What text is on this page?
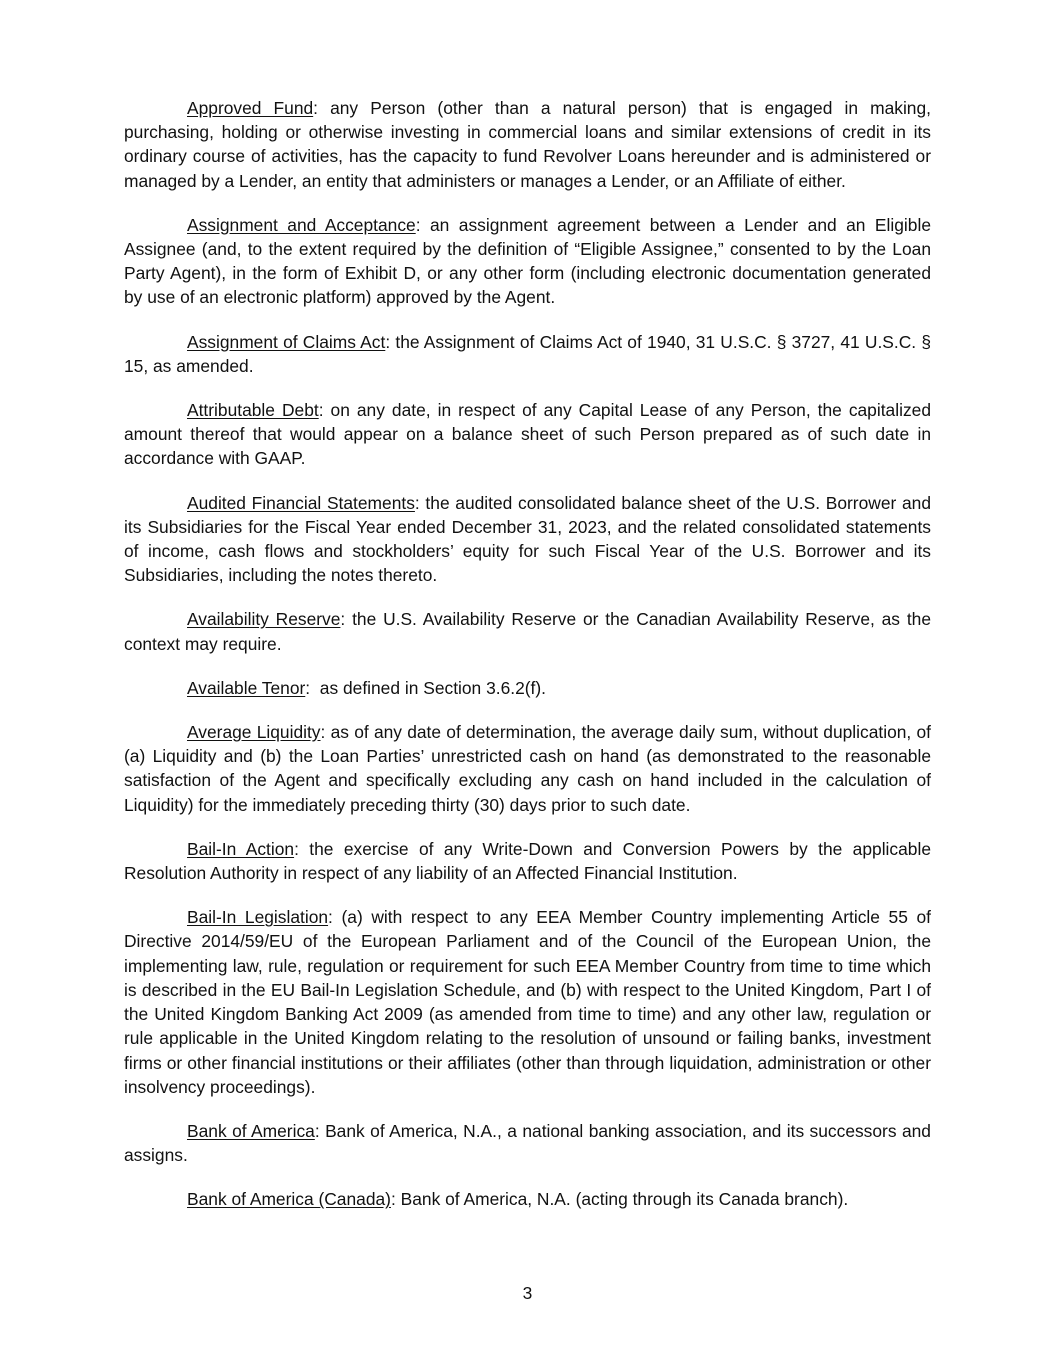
Approved Fund: any Person (other than a natural person) that is engaged in making, purchasing, holding or otherwise investing in commercial loans and similar extensions of credit in its ordinary course of activities, has the capacity to fund Revolver Loans hereunder and is administered or managed by a Lender, an entity that administers or manages a Lender, or an Affiliate of either.

Assignment and Acceptance: an assignment agreement between a Lender and an Eligible Assignee (and, to the extent required by the definition of “Eligible Assignee,” consented to by the Loan Party Agent), in the form of Exhibit D, or any other form (including electronic documentation generated by use of an electronic platform) approved by the Agent.

Assignment of Claims Act: the Assignment of Claims Act of 1940, 31 U.S.C. § 3727, 41 U.S.C. § 15, as amended.

Attributable Debt: on any date, in respect of any Capital Lease of any Person, the capitalized amount thereof that would appear on a balance sheet of such Person prepared as of such date in accordance with GAAP.

Audited Financial Statements: the audited consolidated balance sheet of the U.S. Borrower and its Subsidiaries for the Fiscal Year ended December 31, 2023, and the related consolidated statements of income, cash flows and stockholders’ equity for such Fiscal Year of the U.S. Borrower and its Subsidiaries, including the notes thereto.

Availability Reserve: the U.S. Availability Reserve or the Canadian Availability Reserve, as the context may require.

Available Tenor:  as defined in Section 3.6.2(f).

Average Liquidity: as of any date of determination, the average daily sum, without duplication, of (a) Liquidity and (b) the Loan Parties’ unrestricted cash on hand (as demonstrated to the reasonable satisfaction of the Agent and specifically excluding any cash on hand included in the calculation of Liquidity) for the immediately preceding thirty (30) days prior to such date.

Bail-In Action: the exercise of any Write-Down and Conversion Powers by the applicable Resolution Authority in respect of any liability of an Affected Financial Institution.

Bail-In Legislation: (a) with respect to any EEA Member Country implementing Article 55 of Directive 2014/59/EU of the European Parliament and of the Council of the European Union, the implementing law, rule, regulation or requirement for such EEA Member Country from time to time which is described in the EU Bail-In Legislation Schedule, and (b) with respect to the United Kingdom, Part I of the United Kingdom Banking Act 2009 (as amended from time to time) and any other law, regulation or rule applicable in the United Kingdom relating to the resolution of unsound or failing banks, investment firms or other financial institutions or their affiliates (other than through liquidation, administration or other insolvency proceedings).

Bank of America: Bank of America, N.A., a national banking association, and its successors and assigns.

Bank of America (Canada): Bank of America, N.A. (acting through its Canada branch).

3
